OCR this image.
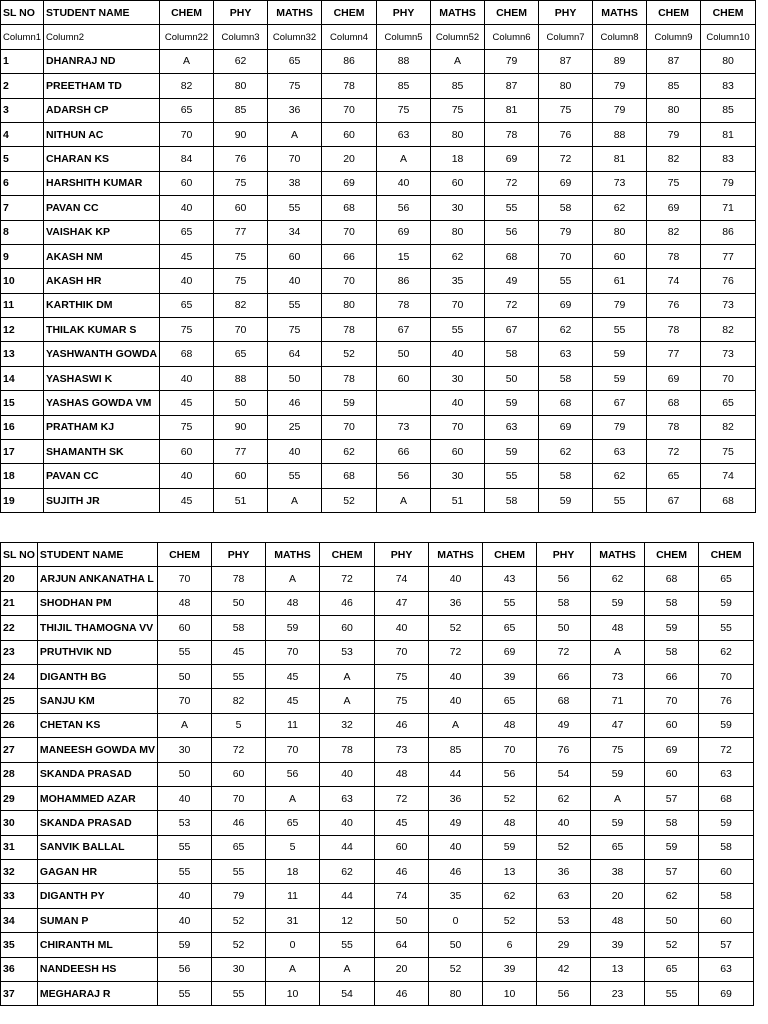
SL NO	STUDENT NAME	CHEM	PHY	MATHS	CHEM	PHY	MATHS	CHEM	PHY	MATHS	CHEM	CHEM
Column1	Column2	Column22	Column3	Column32	Column4	Column5	Column52	Column6	Column7	Column8	Column9	Column10
1	DHANRAJ ND	A	62	65	86	88	A	79	87	89	87	80
2	PREETHAM TD	82	80	75	78	85	85	87	80	79	85	83
3	ADARSH CP	65	85	36	70	75	75	81	75	79	80	85
4	NITHUN AC	70	90	A	60	63	80	78	76	88	79	81
5	CHARAN KS	84	76	70	20	A	18	69	72	81	82	83
6	HARSHITH KUMAR	60	75	38	69	40	60	72	69	73	75	79
7	PAVAN CC	40	60	55	68	56	30	55	58	62	69	71
8	VAISHAK KP	65	77	34	70	69	80	56	79	80	82	86
9	AKASH NM	45	75	60	66	15	62	68	70	60	78	77
10	AKASH HR	40	75	40	70	86	35	49	55	61	74	76
11	KARTHIK DM	65	82	55	80	78	70	72	69	79	76	73
12	THILAK KUMAR S	75	70	75	78	67	55	67	62	55	78	82
13	YASHWANTH GOWDA	68	65	64	52	50	40	58	63	59	77	73
14	YASHASWI K	40	88	50	78	60	30	50	58	59	69	70
15	YASHAS GOWDA VM	45	50	46	59		40	59	68	67	68	65
16	PRATHAM KJ	75	90	25	70	73	70	63	69	79	78	82
17	SHAMANTH SK	60	77	40	62	66	60	59	62	63	72	75
18	PAVAN CC	40	60	55	68	56	30	55	58	62	65	74
19	SUJITH JR	45	51	A	52	A	51	58	59	55	67	68
SL NO	STUDENT NAME	CHEM	PHY	MATHS	CHEM	PHY	MATHS	CHEM	PHY	MATHS	CHEM	CHEM
20	ARJUN ANKANATHA L	70	78	A	72	74	40	43	56	62	68	65
21	SHODHAN PM	48	50	48	46	47	36	55	58	59	58	59
22	THIJIL THAMOGNA VV	60	58	59	60	40	52	65	50	48	59	55
23	PRUTHVIK ND	55	45	70	53	70	72	69	72	A	58	62
24	DIGANTH BG	50	55	45	A	75	40	39	66	73	66	70
25	SANJU KM	70	82	45	A	75	40	65	68	71	70	76
26	CHETAN KS	A	5	11	32	46	A	48	49	47	60	59
27	MANEESH GOWDA MV	30	72	70	78	73	85	70	76	75	69	72
28	SKANDA PRASAD	50	60	56	40	48	44	56	54	59	60	63
29	MOHAMMED AZAR	40	70	A	63	72	36	52	62	A	57	68
30	SKANDA PRASAD	53	46	65	40	45	49	48	40	59	58	59
31	SANVIK BALLAL	55	65	5	44	60	40	59	52	65	59	58
32	GAGAN HR	55	55	18	62	46	46	13	36	38	57	60
33	DIGANTH PY	40	79	11	44	74	35	62	63	20	62	58
34	SUMAN P	40	52	31	12	50	0	52	53	48	50	60
35	CHIRANTH ML	59	52	0	55	64	50	6	29	39	52	57
36	NANDEESH HS	56	30	A	A	20	52	39	42	13	65	63
37	MEGHARAJ R	55	55	10	54	46	80	10	56	23	55	69
